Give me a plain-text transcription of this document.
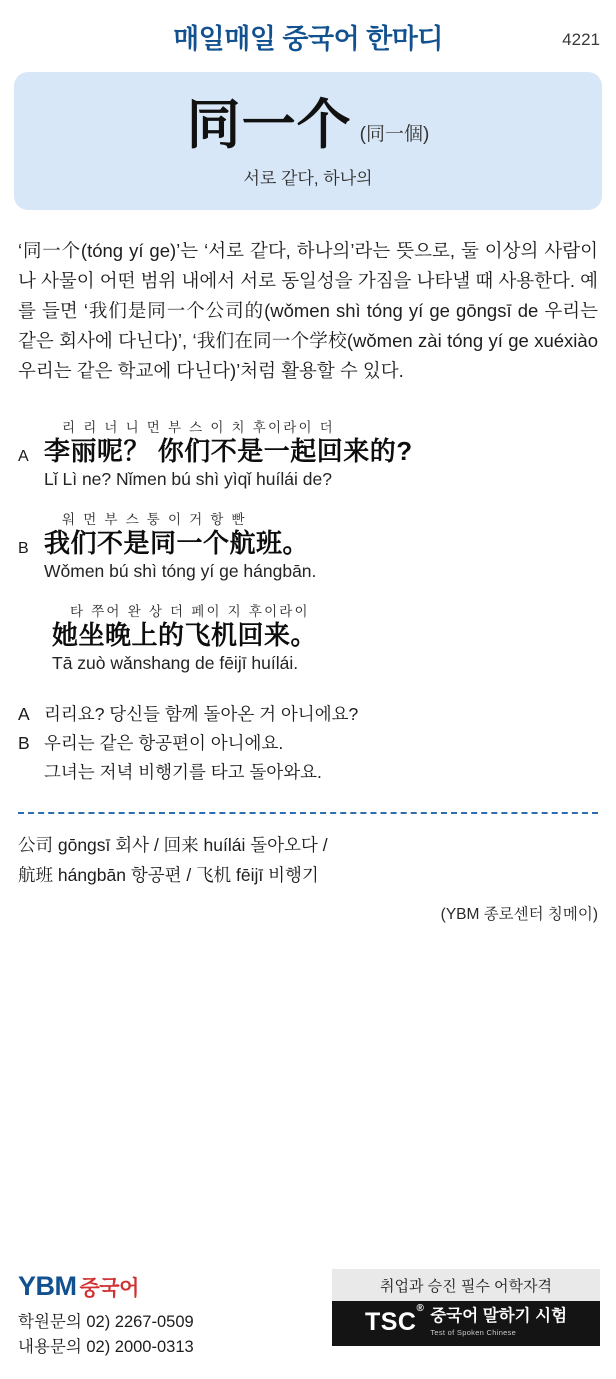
매일매일 중국어 한마디	4221
同一个 (同一個)
서로 같다, 하나의
‘同一个(tóng yí ge)’는 ‘서로 같다, 하나의’라는 뜻으로, 둘 이상의 사람이나 사물이 어떤 범위 내에서 서로 동일성을 가짐을 나타낼 때 사용한다. 예를 들면 ‘我们是同一个公司的(wǒmen shì tóng yí ge gōngsī de 우리는 같은 회사에 다닌다)’, ‘我们在同一个学校(wǒmen zài tóng yí ge xuéxiào 우리는 같은 학교에 다닌다)’처럼 활용할 수 있다.
A
리 리 너 니 먼 부 스 이 치 후이라이 더
李丽呢？ 你们不是一起回来的?
Lǐ Lì ne? Nǐmen bú shì yìqǐ huílái de?
B
워 먼 부 스 퉁 이 거 항 빤
我们不是同一个航班。
Wǒmen bú shì tóng yí ge hángbān.
타 쭈어 완 상 더 페이 지 후이라이
她坐晚上的飞机回来。
Tā zuò wǎnshang de fēijī huílái.
A 리리요? 당신들 함께 돌아온 거 아니에요?
B 우리는 같은 항공편이 아니에요.
그녀는 저녁 비행기를 타고 돌아와요.
公司 gōngsī 회사 / 回来 huílái 돌아오다 /
航班 hángbān 항공편 / 飞机 fēijī 비행기
(YBM 종로센터 칭메이)
YBM 중국어
학원문의 02) 2267-0509
내용문의 02) 2000-0313
취업과 승진 필수 어학자격
TSC® 중국어 말하기 시험
Test of Spoken Chinese
